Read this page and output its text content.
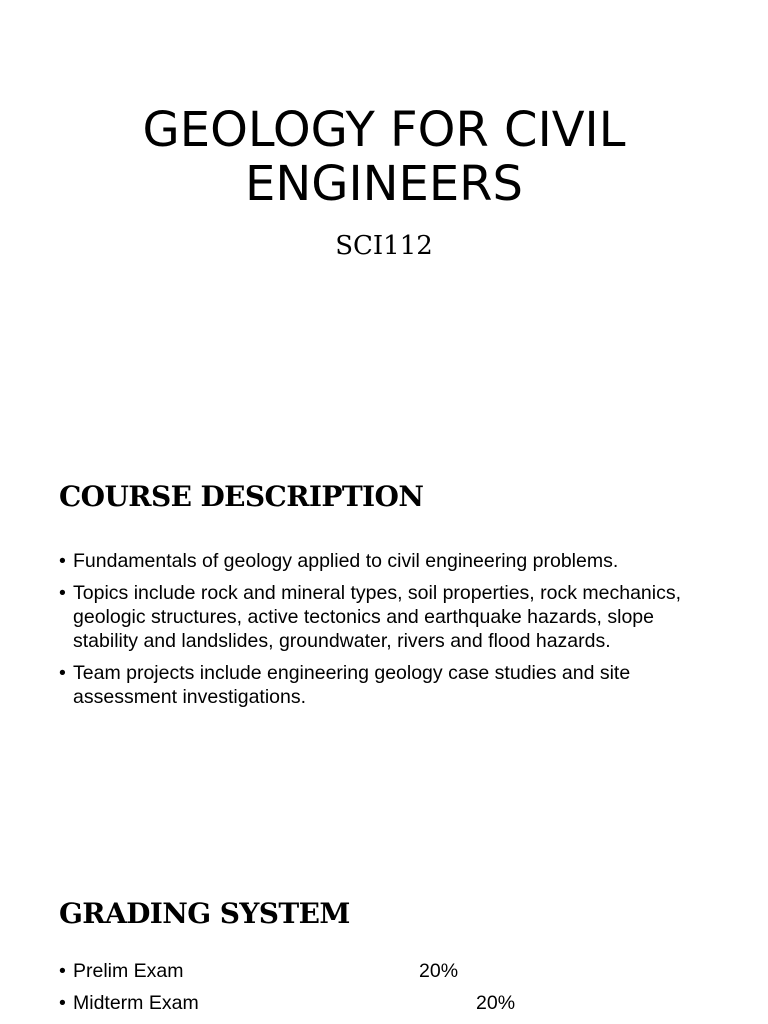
GEOLOGY FOR CIVIL ENGINEERS
SCI112
COURSE DESCRIPTION
• Fundamentals of geology applied to civil engineering problems.
• Topics include rock and mineral types, soil properties, rock mechanics, geologic structures, active tectonics and earthquake hazards, slope stability and landslides, groundwater, rivers and flood hazards.
• Team projects include engineering geology case studies and site assessment investigations.
GRADING SYSTEM
• Prelim Exam	20%
• Midterm Exam	20%
